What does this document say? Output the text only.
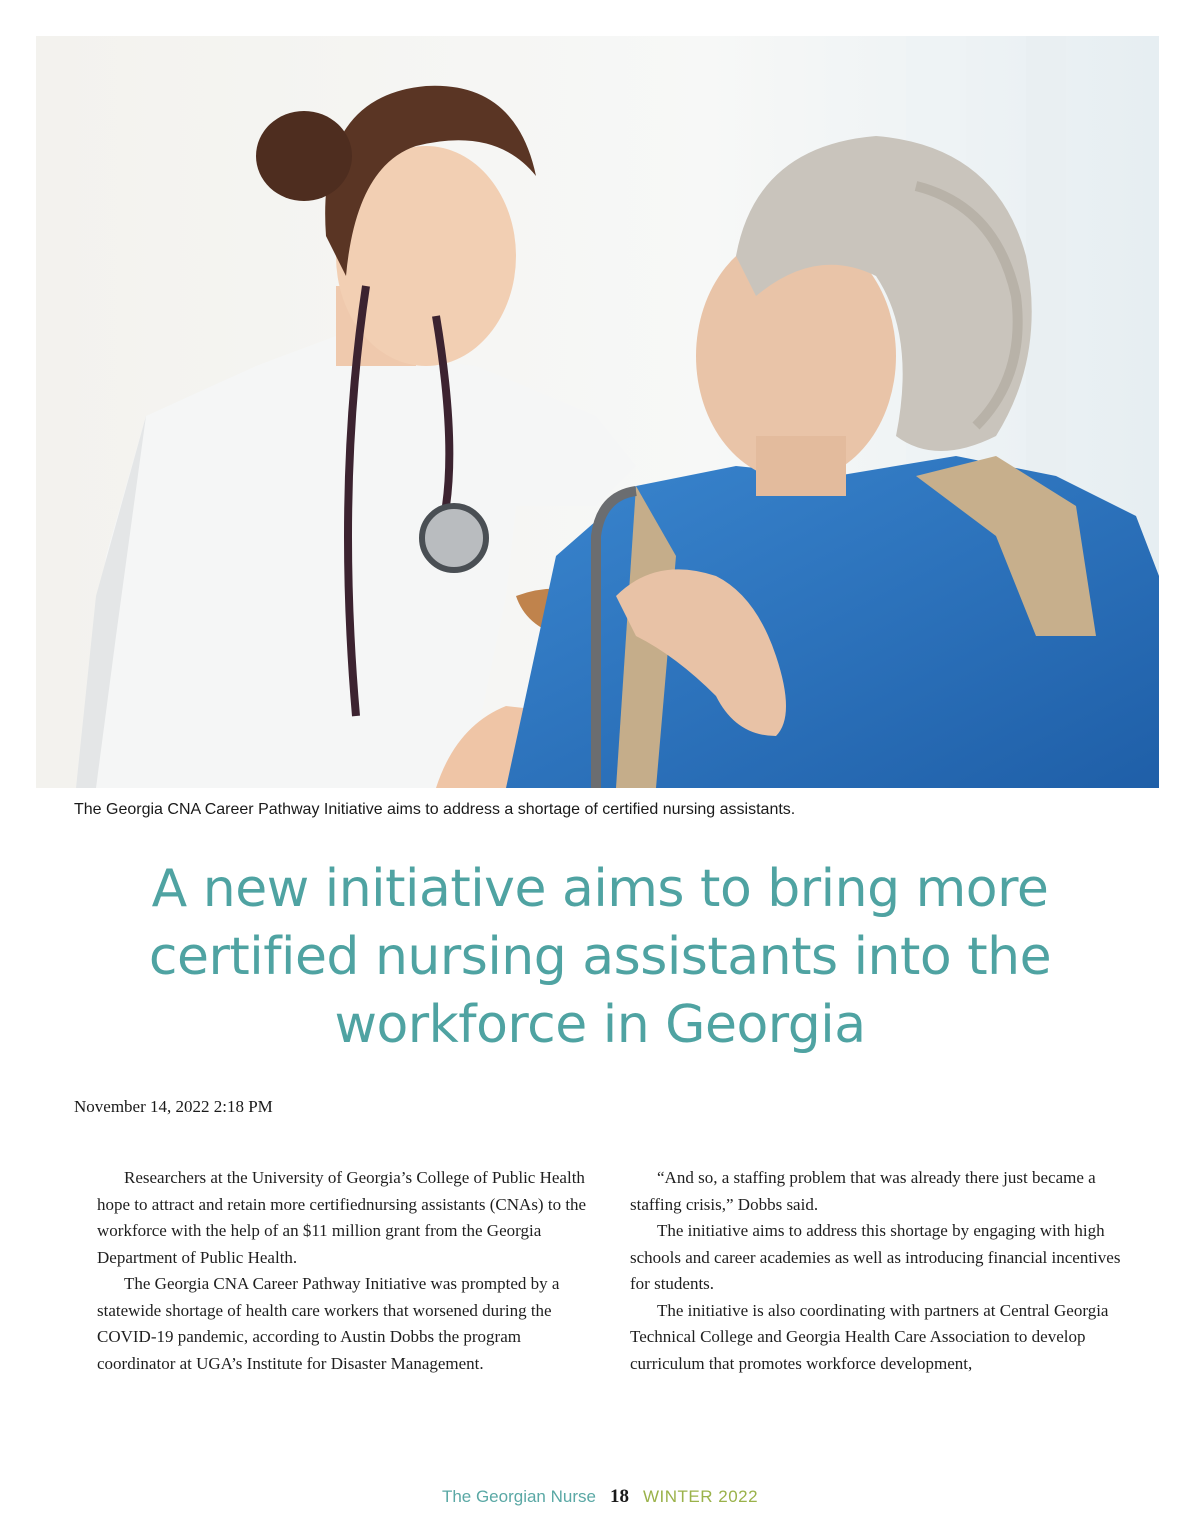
The Georgia CNA Career Pathway Initiative aims to address a shortage of certified nursing assistants.
A new initiative aims to bring more
certified nursing assistants into the
workforce in Georgia
November 14, 2022 2:18 PM

Researchers at the University of Georgia’s College of Public Health hope to attract and retain more certifiednursing assistants (CNAs) to the workforce with the help of an $11 million grant from the Georgia Department of Public Health.

The Georgia CNA Career Pathway Initiative was prompted by a statewide shortage of health care workers that worsened during the COVID-19 pandemic, according to Austin Dobbs the program coordinator at UGA’s Institute for Disaster Management.

“And so, a staffing problem that was already there just became a staffing crisis,” Dobbs said.

The initiative aims to address this shortage by engaging with high schools and career academies as well as introducing financial incentives for students.

The initiative is also coordinating with partners at Central Georgia Technical College and Georgia Health Care Association to develop curriculum that promotes workforce development,

The Georgian Nurse 18 WINTER 2022
